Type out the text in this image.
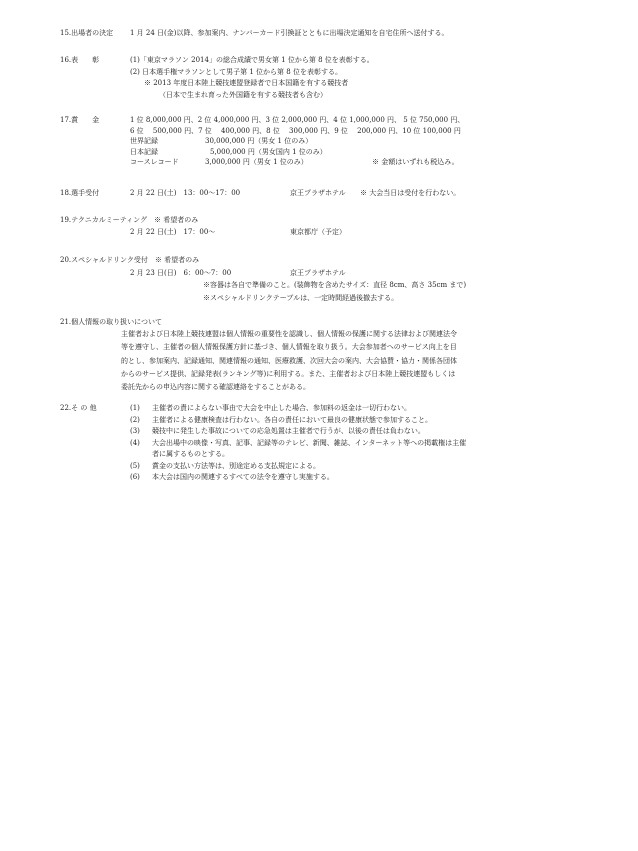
15.出場者の決定 1 月 24 日(金)以降、参加案内、ナンバーカード引換証とともに出場決定通知を自宅住所へ送付する。
16.表　　彰	(1)「東京マラソン 2014」の総合成績で男女第 1 位から第 8 位を表彰する。
(2) 日本選手権マラソンとして男子第 1 位から第 8 位を表彰する。
※ 2013 年度日本陸上競技連盟登録者で日本国籍を有する競技者
（日本で生まれ育った外国籍を有する競技者も含む）
17.賞　　金	1 位 8,000,000 円、2 位 4,000,000 円、3 位 2,000,000 円、4 位 1,000,000 円、 5 位 750,000 円、
6 位　 500,000 円、7 位　 400,000 円、8 位　 300,000 円、9 位　 200,000 円、10 位 100,000 円
世界記録	30,000,000 円（男女 1 位のみ）
日本記録	5,000,000 円（男女国内 1 位のみ）
コースレコード	3,000,000 円（男女 1 位のみ）	※ 金額はいずれも税込み。
18.選手受付	2 月 22 日(土)　13：00～17：00	京王プラザホテル ※ 大会当日は受付を行わない。
19.テクニカルミーティング　※ 希望者のみ
2 月 22 日(土)　17：00～	東京都庁（予定）
20.スペシャルドリンク受付　※ 希望者のみ
2 月 23 日(日)　6：00～7：00	京王プラザホテル
※容器は各自で準備のこと。(装飾物を含めたサイズ：直径 8cm、高さ 35cm まで)
※スペシャルドリンクテーブルは、一定時間経過後撤去する。
21.個人情報の取り扱いについて
主催者および日本陸上競技連盟は個人情報の重要性を認識し、個人情報の保護に関する法律および関連法令
等を遵守し、主催者の個人情報保護方針に基づき、個人情報を取り扱う。大会参加者へのサービス向上を目
的とし、参加案内、記録通知、関連情報の通知、医療救護、次回大会の案内、大会協賛・協力・関係各団体
からのサービス提供、記録発表(ランキング等)に利用する。また、主催者および日本陸上競技連盟もしくは
委託先からの申込内容に関する確認連絡をすることがある。
22.そ の 他	(1) 主催者の責によらない事由で大会を中止した場合、参加料の返金は一切行わない。
(2) 主催者による健康検査は行わない。各自の責任において最良の健康状態で参加すること。
(3) 競技中に発生した事故についての応急処置は主催者で行うが、以後の責任は負わない。
(4) 大会出場中の映像・写真、記事、記録等のテレビ、新聞、雑誌、インターネット等への掲載権は主催
者に属するものとする。
(5) 賞金の支払い方法等は、別途定める支払規定による。
(6) 本大会は国内の関連するすべての法令を遵守し実施する。
